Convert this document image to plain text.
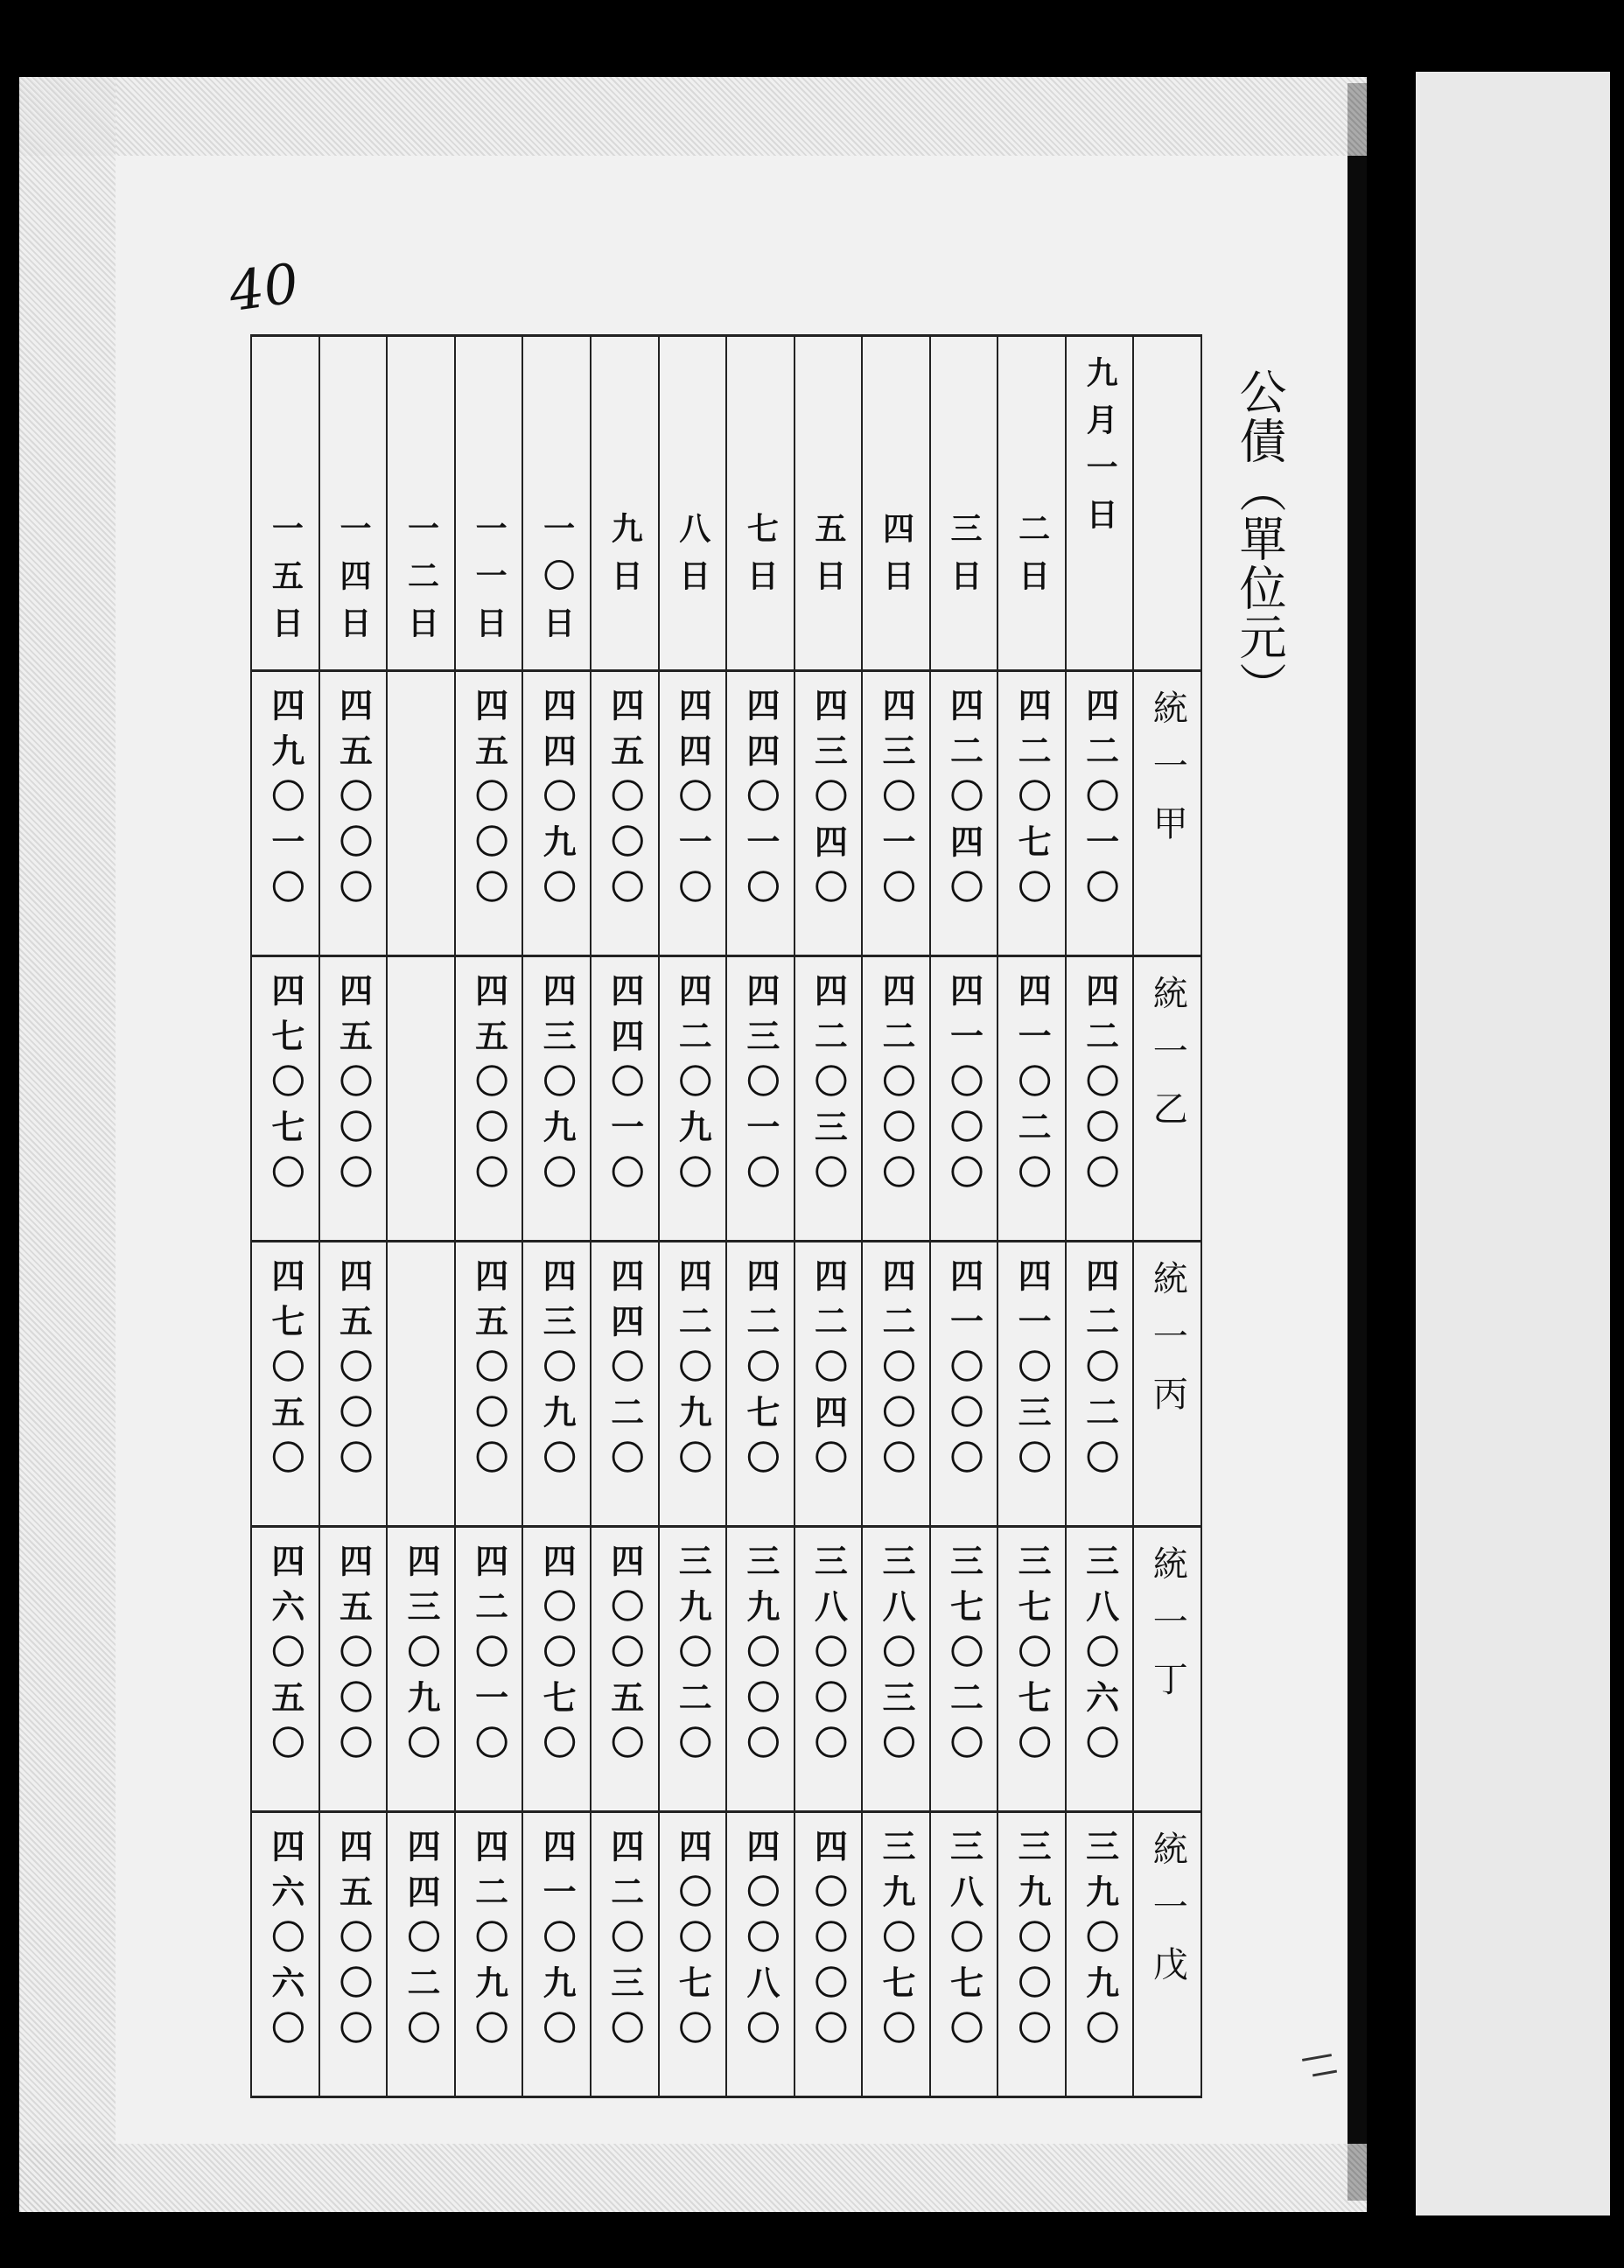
40
公債（單位元）
	九月一日	二日	三日	四日	五日	七日	八日	九日	一〇日	一一日	一二日	一四日	一五日
統一甲	四二〇一〇	四二〇七〇	四二〇四〇	四三〇一〇	四三〇四〇	四四〇一〇	四四〇一〇	四五〇〇〇	四四〇九〇	四五〇〇〇		四五〇〇〇	四九〇一〇
統一乙	四二〇〇〇	四一〇二〇	四一〇〇〇	四二〇〇〇	四二〇三〇	四三〇一〇	四二〇九〇	四四〇一〇	四三〇九〇	四五〇〇〇		四五〇〇〇	四七〇七〇
統一丙	四二〇二〇	四一〇三〇	四一〇〇〇	四二〇〇〇	四二〇四〇	四二〇七〇	四二〇九〇	四四〇二〇	四三〇九〇	四五〇〇〇		四五〇〇〇	四七〇五〇
統一丁	三八〇六〇	三七〇七〇	三七〇二〇	三八〇三〇	三八〇〇〇	三九〇〇〇	三九〇二〇	四〇〇五〇	四〇〇七〇	四二〇一〇	四三〇九〇	四五〇〇〇	四六〇五〇
統一戊	三九〇九〇	三九〇〇〇	三八〇七〇	三九〇七〇	四〇〇〇〇	四〇〇八〇	四〇〇七〇	四二〇三〇	四一〇九〇	四二〇九〇	四四〇二〇	四五〇〇〇	四六〇六〇
